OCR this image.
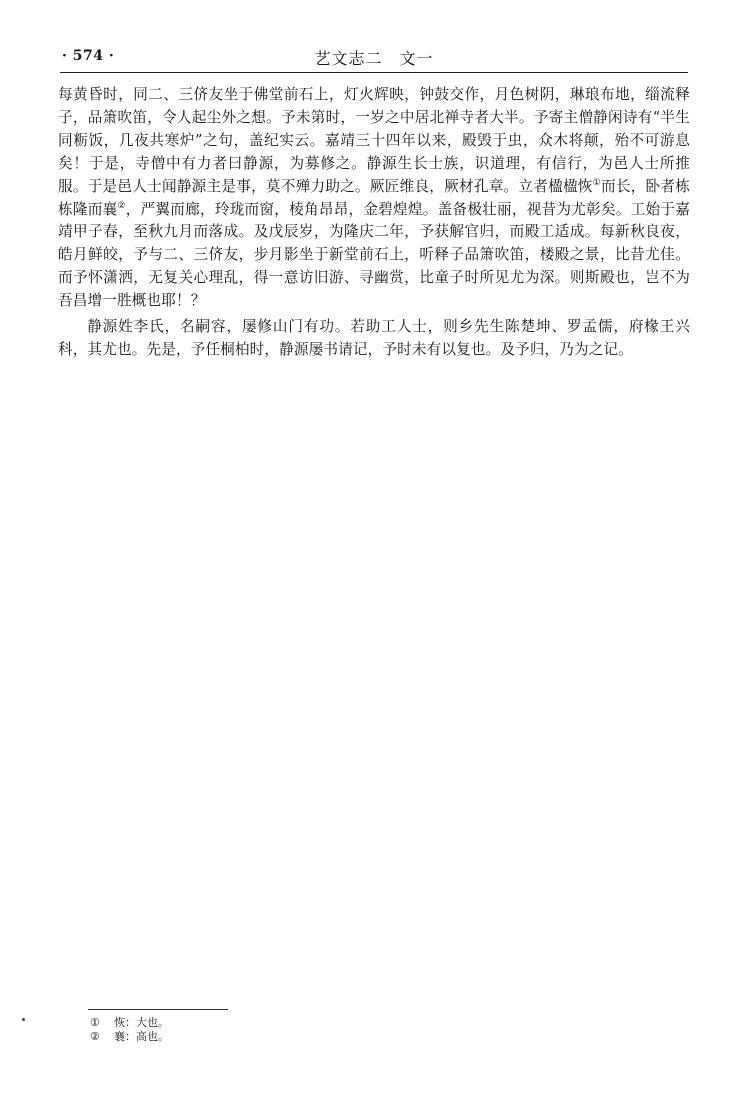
· 574 ·	艺文志二　文一

每黄昏时，同二、三侪友坐于佛堂前石上，灯火辉映，钟鼓交作，月色树阴，琳琅布地，缁流释子，品箫吹笛，令人起尘外之想。予未第时，一岁之中居北禅寺者大半。予寄主僧静闲诗有“半生同粝饭，几夜共寒炉”之句，盖纪实云。嘉靖三十四年以来，殿毁于虫，众木将颠，殆不可游息矣！于是，寺僧中有力者曰静源，为募修之。静源生长士族，识道理，有信行，为邑人士所推服。于是邑人士闻静源主是事，莫不殚力助之。厥匠维良，厥材孔章。立者楹楹恢①而长，卧者栋栋隆而襄②，严翼而廊，玲珑而窗，棱角昂昂，金碧煌煌。盖备极壮丽，视昔为尤彰矣。工始于嘉靖甲子春，至秋九月而落成。及戊辰岁，为隆庆二年，予获解官归，而殿工适成。每新秋良夜，皓月鲜皎，予与二、三侪友，步月影坐于新堂前石上，听释子品箫吹笛，楼殿之景，比昔尤佳。而予怀潇洒，无复关心理乱，得一意访旧游、寻幽赏，比童子时所见尤为深。则斯殿也，岂不为吾昌增一胜概也耶！？

静源姓李氏，名嗣容，屡修山门有功。若助工人士，则乡先生陈楚坤、罗孟儒，府椽王兴科，其尤也。先是，予任桐柏时，静源屡书请记，予时未有以复也。及予归，乃为之记。

① 恢：大也。
② 襄：高也。
